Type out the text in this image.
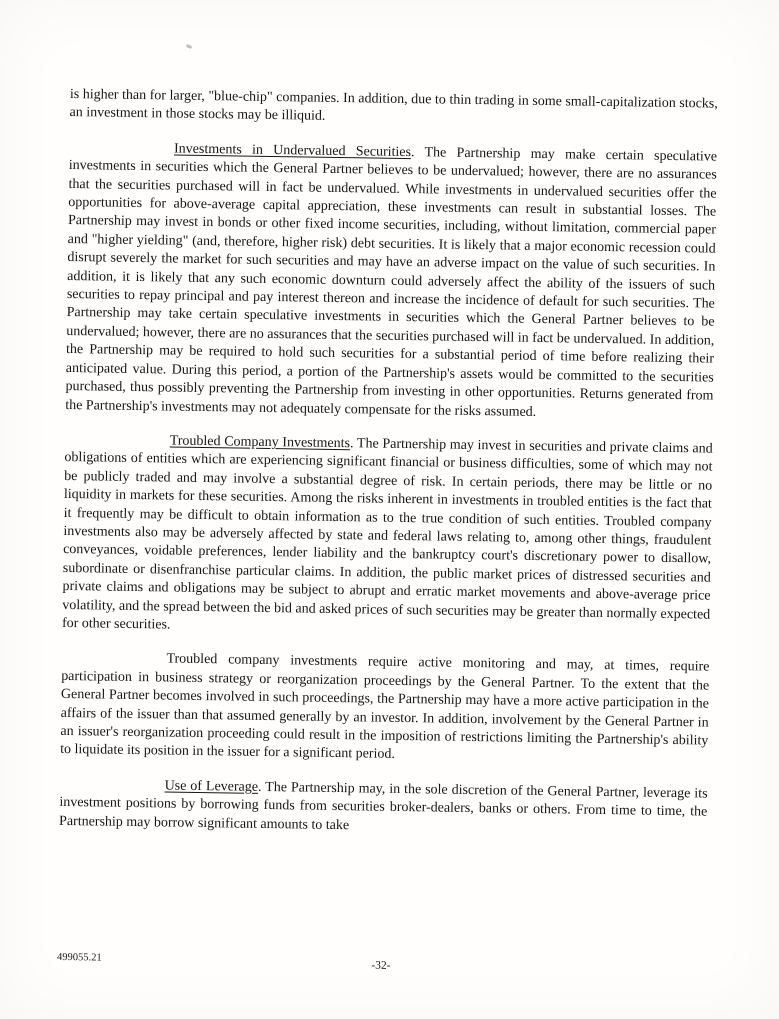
is higher than for larger, "blue-chip" companies. In addition, due to thin trading in some small-capitalization stocks, an investment in those stocks may be illiquid.

Investments in Undervalued Securities. The Partnership may make certain speculative investments in securities which the General Partner believes to be undervalued; however, there are no assurances that the securities purchased will in fact be undervalued. While investments in undervalued securities offer the opportunities for above-average capital appreciation, these investments can result in substantial losses. The Partnership may invest in bonds or other fixed income securities, including, without limitation, commercial paper and "higher yielding" (and, therefore, higher risk) debt securities. It is likely that a major economic recession could disrupt severely the market for such securities and may have an adverse impact on the value of such securities. In addition, it is likely that any such economic downturn could adversely affect the ability of the issuers of such securities to repay principal and pay interest thereon and increase the incidence of default for such securities. The Partnership may take certain speculative investments in securities which the General Partner believes to be undervalued; however, there are no assurances that the securities purchased will in fact be undervalued. In addition, the Partnership may be required to hold such securities for a substantial period of time before realizing their anticipated value. During this period, a portion of the Partnership's assets would be committed to the securities purchased, thus possibly preventing the Partnership from investing in other opportunities. Returns generated from the Partnership's investments may not adequately compensate for the risks assumed.

Troubled Company Investments. The Partnership may invest in securities and private claims and obligations of entities which are experiencing significant financial or business difficulties, some of which may not be publicly traded and may involve a substantial degree of risk. In certain periods, there may be little or no liquidity in markets for these securities. Among the risks inherent in investments in troubled entities is the fact that it frequently may be difficult to obtain information as to the true condition of such entities. Troubled company investments also may be adversely affected by state and federal laws relating to, among other things, fraudulent conveyances, voidable preferences, lender liability and the bankruptcy court's discretionary power to disallow, subordinate or disenfranchise particular claims. In addition, the public market prices of distressed securities and private claims and obligations may be subject to abrupt and erratic market movements and above-average price volatility, and the spread between the bid and asked prices of such securities may be greater than normally expected for other securities.

Troubled company investments require active monitoring and may, at times, require participation in business strategy or reorganization proceedings by the General Partner. To the extent that the General Partner becomes involved in such proceedings, the Partnership may have a more active participation in the affairs of the issuer than that assumed generally by an investor. In addition, involvement by the General Partner in an issuer's reorganization proceeding could result in the imposition of restrictions limiting the Partnership's ability to liquidate its position in the issuer for a significant period.

Use of Leverage. The Partnership may, in the sole discretion of the General Partner, leverage its investment positions by borrowing funds from securities broker-dealers, banks or others. From time to time, the Partnership may borrow significant amounts to take

499055.21
-32-
